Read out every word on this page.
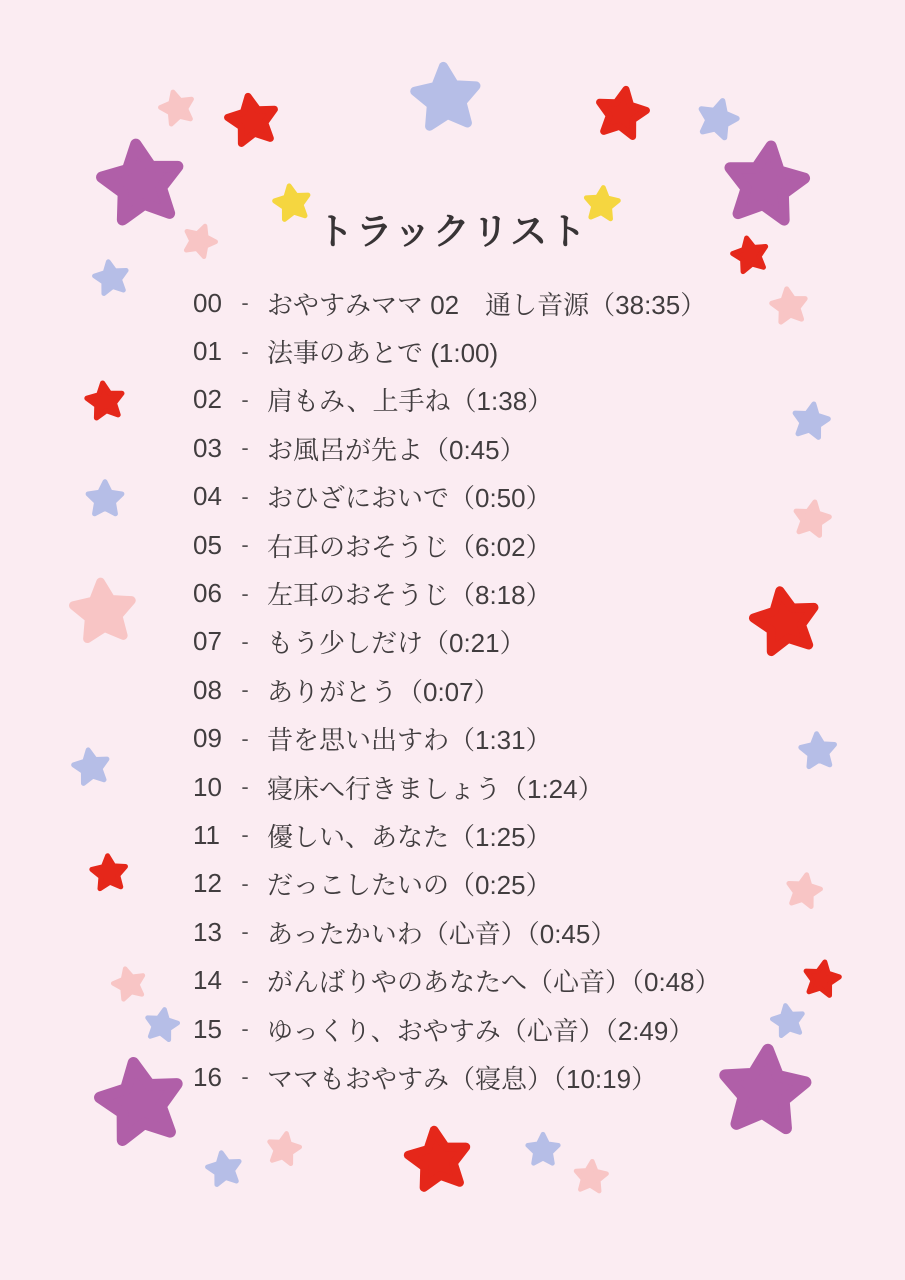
トラックリスト
00 - おやすみママ 02　通し音源（38:35）
01 - 法事のあとで (1:00)
02 - 肩もみ、上手ね（1:38）
03 - お風呂が先よ（0:45）
04 - おひざにおいで（0:50）
05 - 右耳のおそうじ（6:02）
06 - 左耳のおそうじ（8:18）
07 - もう少しだけ（0:21）
08 - ありがとう（0:07）
09 - 昔を思い出すわ（1:31）
10 - 寝床へ行きましょう（1:24）
11 - 優しい、あなた（1:25）
12 - だっこしたいの（0:25）
13 - あったかいわ（心音）（0:45）
14 - がんばりやのあなたへ（心音）（0:48）
15 - ゆっくり、おやすみ（心音）（2:49）
16 - ママもおやすみ（寝息）（10:19）
